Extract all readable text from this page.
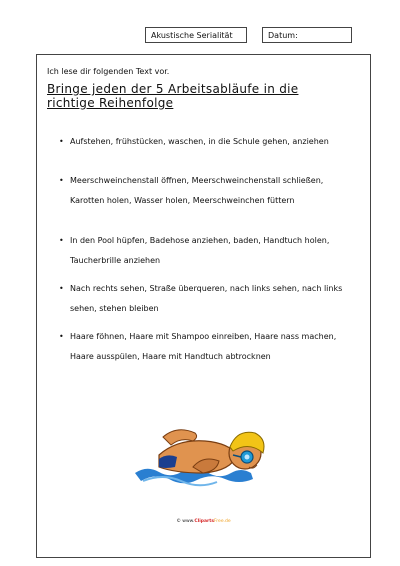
Akustische Serialität	Datum:

Ich lese dir folgenden Text vor.

Bringe jeden der 5 Arbeitsabläufe in die richtige Reihenfolge
• Aufstehen, frühstücken, waschen, in die Schule gehen, anziehen
• Meerschweinchenstall öffnen, Meerschweinchenstall schließen, Karotten holen, Wasser holen, Meerschweinchen füttern
• In den Pool hüpfen, Badehose anziehen, baden, Handtuch holen, Taucherbrille anziehen
• Nach rechts sehen, Straße überqueren, nach links sehen, nach links sehen, stehen bleiben
• Haare föhnen, Haare mit Shampoo einreiben, Haare nass machen, Haare ausspülen, Haare mit Handtuch abtrocknen
© www.ClipartsFree.de
